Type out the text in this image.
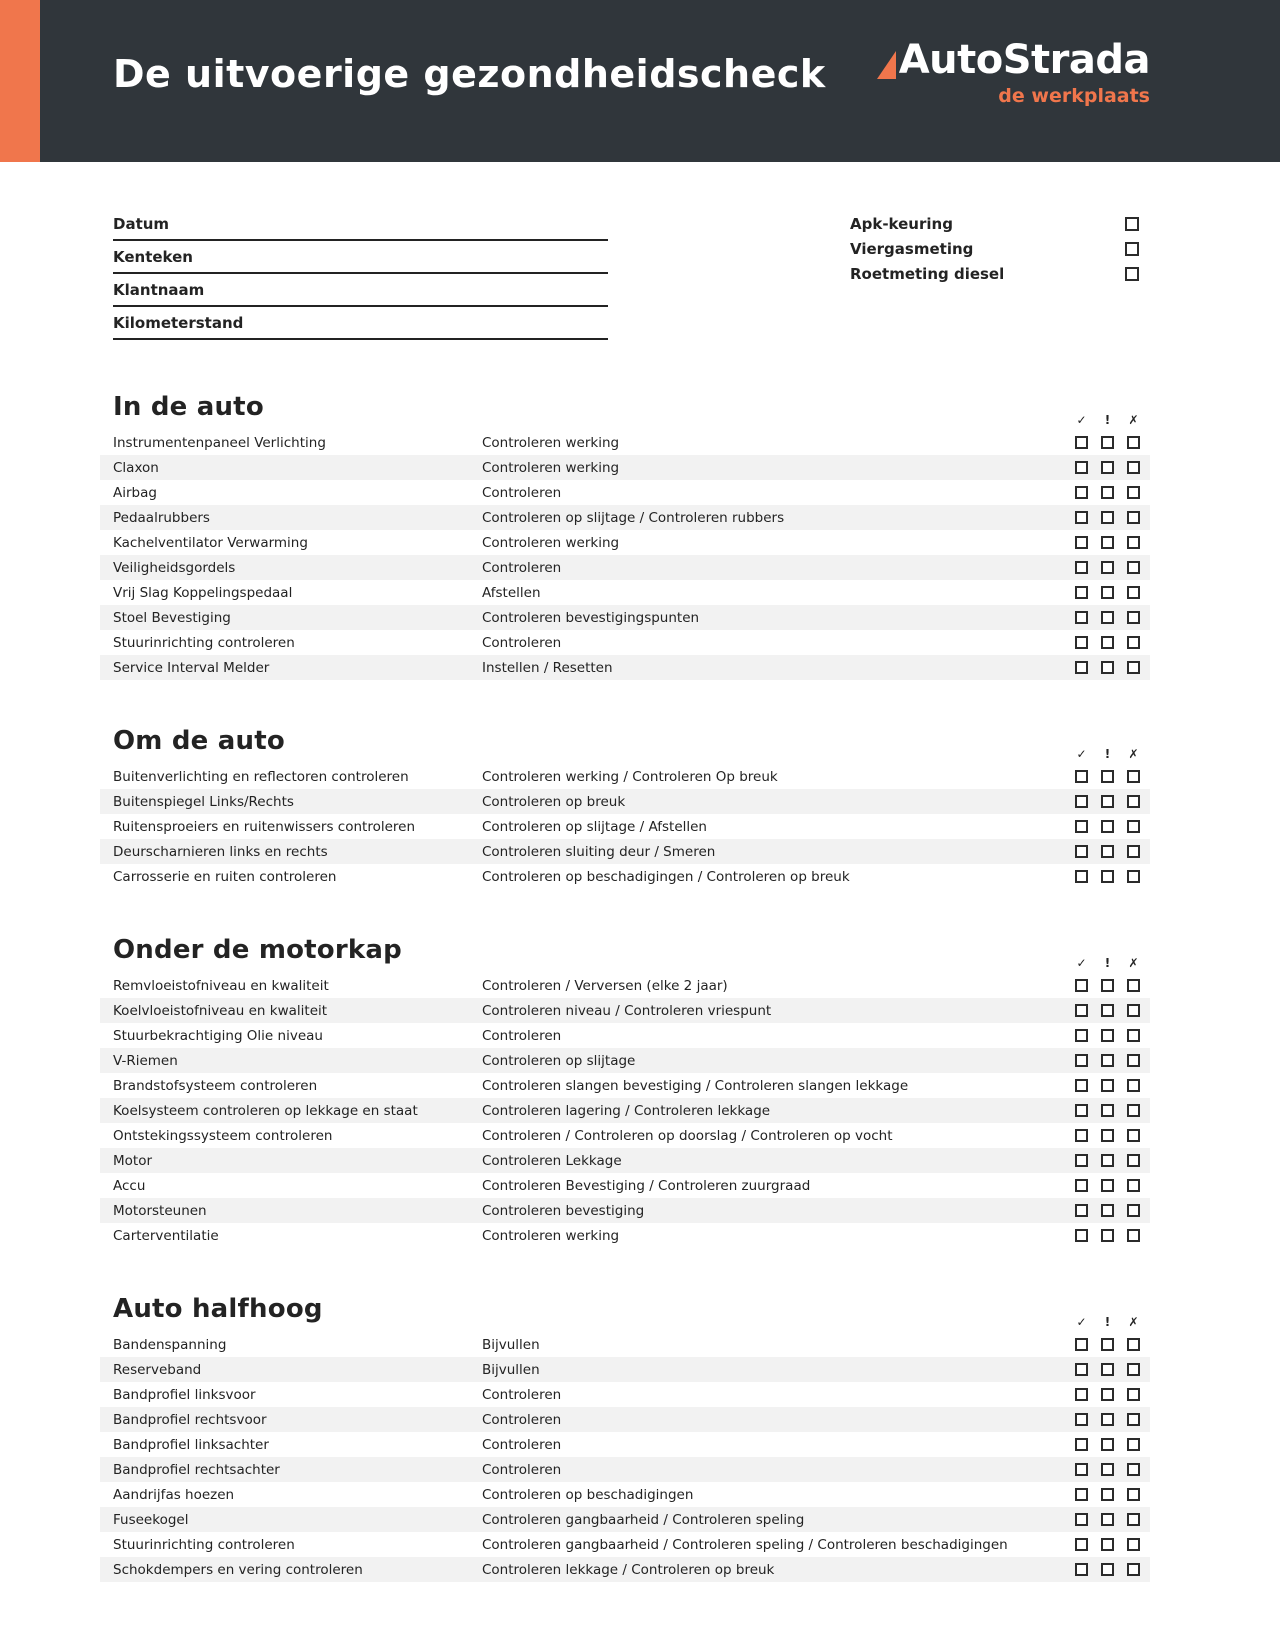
De uitvoerige gezondheidscheck AutoStrada
de werkplaats
Datum
Kenteken
Klantnaam
Kilometerstand
Apk-keuring
Viergasmeting
Roetmeting diesel
In de auto	✓	!	✗
Instrumentenpaneel Verlichting	Controleren werking
Claxon	Controleren werking
Airbag	Controleren
Pedaalrubbers	Controleren op slijtage / Controleren rubbers
Kachelventilator Verwarming	Controleren werking
Veiligheidsgordels	Controleren
Vrij Slag Koppelingspedaal	Afstellen
Stoel Bevestiging	Controleren bevestigingspunten
Stuurinrichting controleren	Controleren
Service Interval Melder	Instellen / Resetten
Om de auto	✓	!	✗
Buitenverlichting en reflectoren controleren	Controleren werking / Controleren Op breuk
Buitenspiegel Links/Rechts	Controleren op breuk
Ruitensproeiers en ruitenwissers controleren	Controleren op slijtage / Afstellen
Deurscharnieren links en rechts	Controleren sluiting deur / Smeren
Carrosserie en ruiten controleren	Controleren op beschadigingen / Controleren op breuk
Onder de motorkap	✓	!	✗
Remvloeistofniveau en kwaliteit	Controleren / Verversen (elke 2 jaar)
Koelvloeistofniveau en kwaliteit	Controleren niveau / Controleren vriespunt
Stuurbekrachtiging Olie niveau	Controleren
V-Riemen	Controleren op slijtage
Brandstofsysteem controleren	Controleren slangen bevestiging / Controleren slangen lekkage
Koelsysteem controleren op lekkage en staat	Controleren lagering / Controleren lekkage
Ontstekingssysteem controleren	Controleren / Controleren op doorslag / Controleren op vocht
Motor	Controleren Lekkage
Accu	Controleren Bevestiging / Controleren zuurgraad
Motorsteunen	Controleren bevestiging
Carterventilatie	Controleren werking
Auto halfhoog	✓	!	✗
Bandenspanning	Bijvullen
Reserveband	Bijvullen
Bandprofiel linksvoor	Controleren
Bandprofiel rechtsvoor	Controleren
Bandprofiel linksachter	Controleren
Bandprofiel rechtsachter	Controleren
Aandrijfas hoezen	Controleren op beschadigingen
Fuseekogel	Controleren gangbaarheid / Controleren speling
Stuurinrichting controleren	Controleren gangbaarheid / Controleren speling / Controleren beschadigingen
Schokdempers en vering controleren	Controleren lekkage / Controleren op breuk
